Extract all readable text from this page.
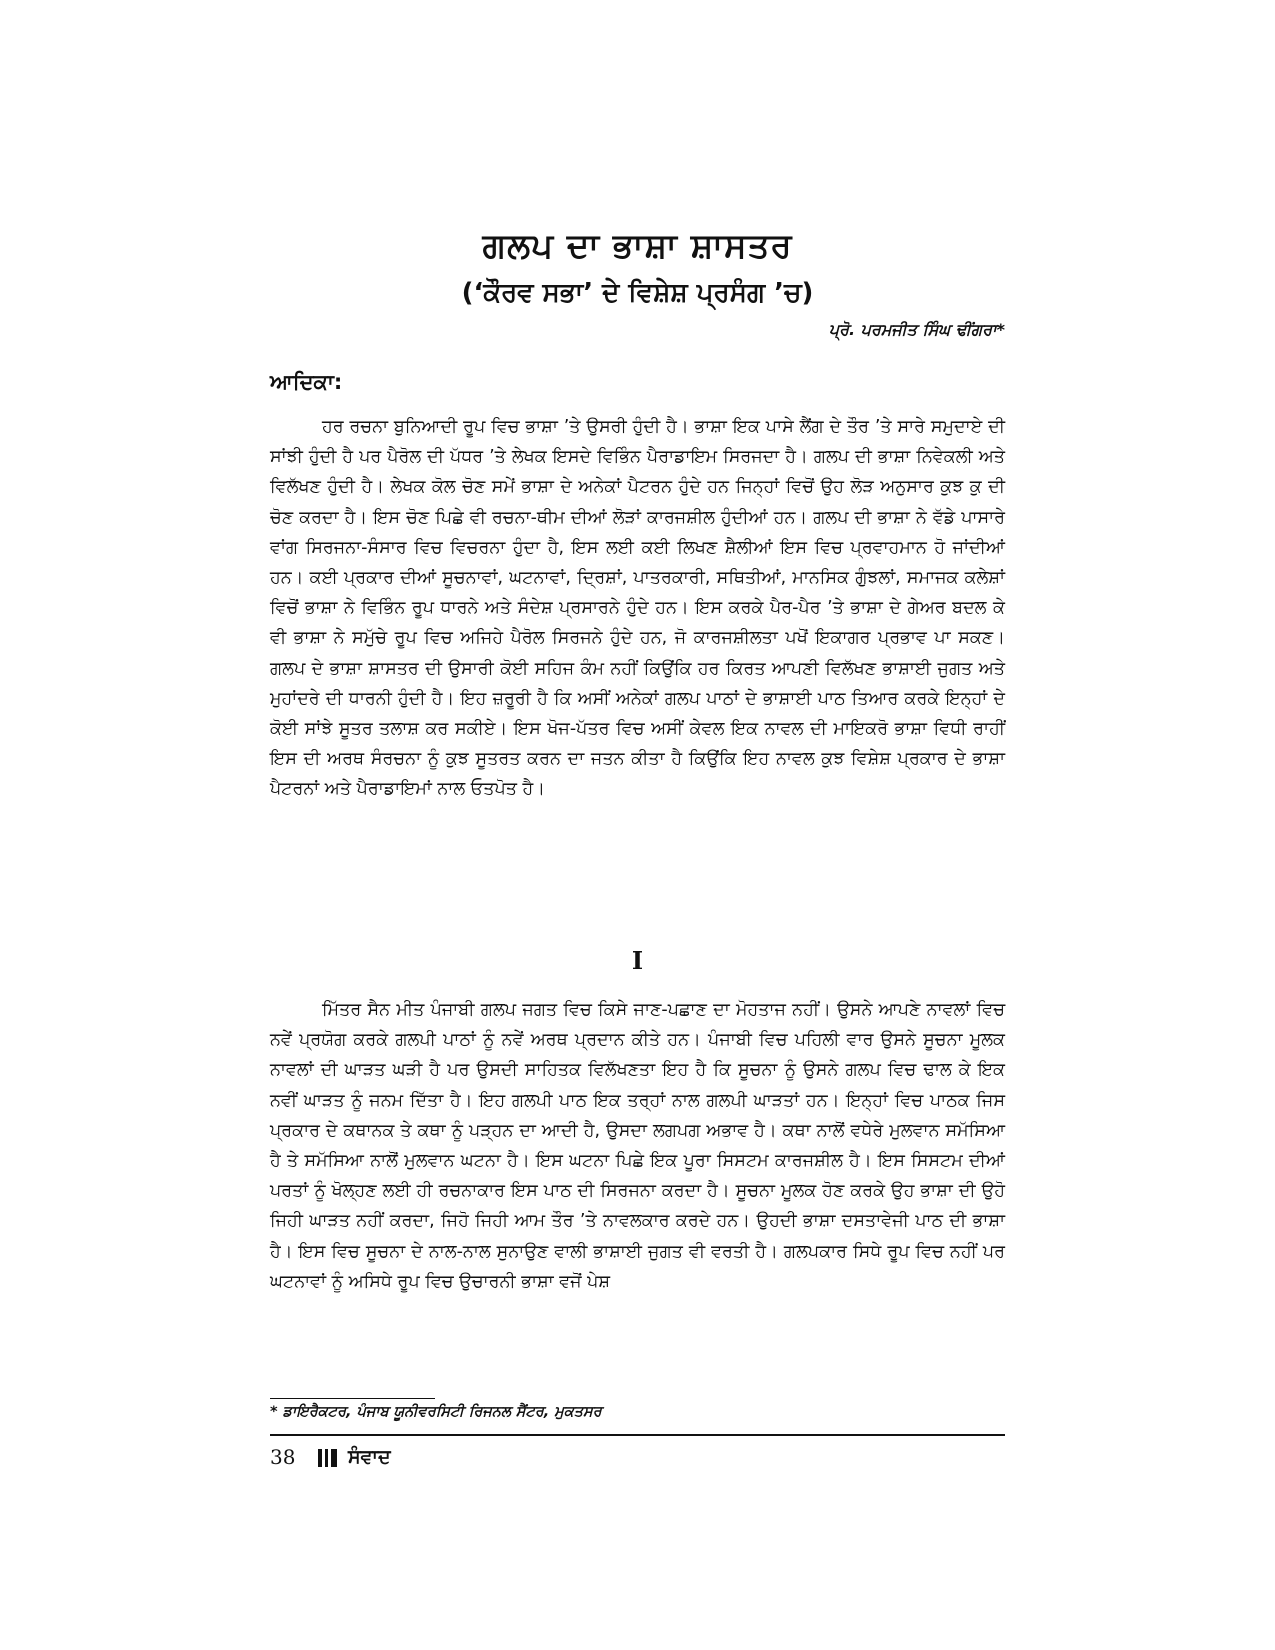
ਗਲਪ ਦਾ ਭਾਸ਼ਾ ਸ਼ਾਸਤਰ
(‘ਕੌਰਵ ਸਭਾ’ ਦੇ ਵਿਸ਼ੇਸ਼ ਪ੍ਰਸੰਗ ’ਚ)
ਪ੍ਰੋ. ਪਰਮਜੀਤ ਸਿੰਘ ਢੀਂਗਰਾ*
ਆਦਿਕਾ:

ਹਰ ਰਚਨਾ ਬੁਨਿਆਦੀ ਰੂਪ ਵਿਚ ਭਾਸ਼ਾ ’ਤੇ ਉਸਰੀ ਹੁੰਦੀ ਹੈ। ਭਾਸ਼ਾ ਇਕ ਪਾਸੇ ਲੈਂਗ ਦੇ ਤੌਰ ’ਤੇ ਸਾਰੇ ਸਮੁਦਾਏ ਦੀ ਸਾਂਝੀ ਹੁੰਦੀ ਹੈ ਪਰ ਪੈਰੋਲ ਦੀ ਪੱਧਰ ’ਤੇ ਲੇਖਕ ਇਸਦੇ ਵਿਭਿੰਨ ਪੈਰਾਡਾਇਮ ਸਿਰਜਦਾ ਹੈ। ਗਲਪ ਦੀ ਭਾਸ਼ਾ ਨਿਵੇਕਲੀ ਅਤੇ ਵਿਲੱਖਣ ਹੁੰਦੀ ਹੈ। ਲੇਖਕ ਕੋਲ ਚੋਣ ਸਮੇਂ ਭਾਸ਼ਾ ਦੇ ਅਨੇਕਾਂ ਪੈਟਰਨ ਹੁੰਦੇ ਹਨ ਜਿਨ੍ਹਾਂ ਵਿਚੋਂ ਉਹ ਲੋੜ ਅਨੁਸਾਰ ਕੁਝ ਕੁ ਦੀ ਚੋਣ ਕਰਦਾ ਹੈ। ਇਸ ਚੋਣ ਪਿਛੇ ਵੀ ਰਚਨਾ-ਥੀਮ ਦੀਆਂ ਲੋੜਾਂ ਕਾਰਜਸ਼ੀਲ ਹੁੰਦੀਆਂ ਹਨ। ਗਲਪ ਦੀ ਭਾਸ਼ਾ ਨੇ ਵੱਡੇ ਪਾਸਾਰੇ ਵਾਂਗ ਸਿਰਜਨਾ-ਸੰਸਾਰ ਵਿਚ ਵਿਚਰਨਾ ਹੁੰਦਾ ਹੈ, ਇਸ ਲਈ ਕਈ ਲਿਖਣ ਸ਼ੈਲੀਆਂ ਇਸ ਵਿਚ ਪ੍ਰਵਾਹਮਾਨ ਹੋ ਜਾਂਦੀਆਂ ਹਨ। ਕਈ ਪ੍ਰਕਾਰ ਦੀਆਂ ਸੂਚਨਾਵਾਂ, ਘਟਨਾਵਾਂ, ਦ੍ਰਿਸ਼ਾਂ, ਪਾਤਰਕਾਰੀ, ਸਥਿਤੀਆਂ, ਮਾਨਸਿਕ ਗੁੰਝਲਾਂ, ਸਮਾਜਕ ਕਲੇਸ਼ਾਂ ਵਿਚੋਂ ਭਾਸ਼ਾ ਨੇ ਵਿਭਿੰਨ ਰੂਪ ਧਾਰਨੇ ਅਤੇ ਸੰਦੇਸ਼ ਪ੍ਰਸਾਰਨੇ ਹੁੰਦੇ ਹਨ। ਇਸ ਕਰਕੇ ਪੈਰ-ਪੈਰ ’ਤੇ ਭਾਸ਼ਾ ਦੇ ਗੇਅਰ ਬਦਲ ਕੇ ਵੀ ਭਾਸ਼ਾ ਨੇ ਸਮੁੱਚੇ ਰੂਪ ਵਿਚ ਅਜਿਹੇ ਪੈਰੋਲ ਸਿਰਜਨੇ ਹੁੰਦੇ ਹਨ, ਜੋ ਕਾਰਜਸ਼ੀਲਤਾ ਪਖੋਂ ਇਕਾਗਰ ਪ੍ਰਭਾਵ ਪਾ ਸਕਣ। ਗਲਪ ਦੇ ਭਾਸ਼ਾ ਸ਼ਾਸਤਰ ਦੀ ਉਸਾਰੀ ਕੋਈ ਸਹਿਜ ਕੰਮ ਨਹੀਂ ਕਿਉਂਕਿ ਹਰ ਕਿਰਤ ਆਪਣੀ ਵਿਲੱਖਣ ਭਾਸ਼ਾਈ ਜੁਗਤ ਅਤੇ ਮੁਹਾਂਦਰੇ ਦੀ ਧਾਰਨੀ ਹੁੰਦੀ ਹੈ। ਇਹ ਜ਼ਰੂਰੀ ਹੈ ਕਿ ਅਸੀਂ ਅਨੇਕਾਂ ਗਲਪ ਪਾਠਾਂ ਦੇ ਭਾਸ਼ਾਈ ਪਾਠ ਤਿਆਰ ਕਰਕੇ ਇਨ੍ਹਾਂ ਦੇ ਕੋਈ ਸਾਂਝੇ ਸੂਤਰ ਤਲਾਸ਼ ਕਰ ਸਕੀਏ। ਇਸ ਖੋਜ-ਪੱਤਰ ਵਿਚ ਅਸੀਂ ਕੇਵਲ ਇਕ ਨਾਵਲ ਦੀ ਮਾਇਕਰੋ ਭਾਸ਼ਾ ਵਿਧੀ ਰਾਹੀਂ ਇਸ ਦੀ ਅਰਥ ਸੰਰਚਨਾ ਨੂੰ ਕੁਝ ਸੂਤਰਤ ਕਰਨ ਦਾ ਜਤਨ ਕੀਤਾ ਹੈ ਕਿਉਂਕਿ ਇਹ ਨਾਵਲ ਕੁਝ ਵਿਸ਼ੇਸ਼ ਪ੍ਰਕਾਰ ਦੇ ਭਾਸ਼ਾ ਪੈਟਰਨਾਂ ਅਤੇ ਪੈਰਾਡਾਇਮਾਂ ਨਾਲ ਓਤਪੋਤ ਹੈ।

I

ਮਿੱਤਰ ਸੈਨ ਮੀਤ ਪੰਜਾਬੀ ਗਲਪ ਜਗਤ ਵਿਚ ਕਿਸੇ ਜਾਣ-ਪਛਾਣ ਦਾ ਮੋਹਤਾਜ ਨਹੀਂ। ਉਸਨੇ ਆਪਣੇ ਨਾਵਲਾਂ ਵਿਚ ਨਵੇਂ ਪ੍ਰਯੋਗ ਕਰਕੇ ਗਲਪੀ ਪਾਠਾਂ ਨੂੰ ਨਵੇਂ ਅਰਥ ਪ੍ਰਦਾਨ ਕੀਤੇ ਹਨ। ਪੰਜਾਬੀ ਵਿਚ ਪਹਿਲੀ ਵਾਰ ਉਸਨੇ ਸੂਚਨਾ ਮੂਲਕ ਨਾਵਲਾਂ ਦੀ ਘਾੜਤ ਘੜੀ ਹੈ ਪਰ ਉਸਦੀ ਸਾਹਿਤਕ ਵਿਲੱਖਣਤਾ ਇਹ ਹੈ ਕਿ ਸੂਚਨਾ ਨੂੰ ਉਸਨੇ ਗਲਪ ਵਿਚ ਢਾਲ ਕੇ ਇਕ ਨਵੀਂ ਘਾੜਤ ਨੂੰ ਜਨਮ ਦਿੱਤਾ ਹੈ। ਇਹ ਗਲਪੀ ਪਾਠ ਇਕ ਤਰ੍ਹਾਂ ਨਾਲ ਗਲਪੀ ਘਾੜਤਾਂ ਹਨ। ਇਨ੍ਹਾਂ ਵਿਚ ਪਾਠਕ ਜਿਸ ਪ੍ਰਕਾਰ ਦੇ ਕਥਾਨਕ ਤੇ ਕਥਾ ਨੂੰ ਪੜ੍ਹਨ ਦਾ ਆਦੀ ਹੈ, ਉਸਦਾ ਲਗਪਗ ਅਭਾਵ ਹੈ। ਕਥਾ ਨਾਲੋਂ ਵਧੇਰੇ ਮੁਲਵਾਨ ਸਮੱਸਿਆ ਹੈ ਤੇ ਸਮੱਸਿਆ ਨਾਲੋਂ ਮੁਲਵਾਨ ਘਟਨਾ ਹੈ। ਇਸ ਘਟਨਾ ਪਿਛੇ ਇਕ ਪੂਰਾ ਸਿਸਟਮ ਕਾਰਜਸ਼ੀਲ ਹੈ। ਇਸ ਸਿਸਟਮ ਦੀਆਂ ਪਰਤਾਂ ਨੂੰ ਖੋਲ੍ਹਣ ਲਈ ਹੀ ਰਚਨਾਕਾਰ ਇਸ ਪਾਠ ਦੀ ਸਿਰਜਨਾ ਕਰਦਾ ਹੈ। ਸੂਚਨਾ ਮੂਲਕ ਹੋਣ ਕਰਕੇ ਉਹ ਭਾਸ਼ਾ ਦੀ ਉਹੋ ਜਿਹੀ ਘਾੜਤ ਨਹੀਂ ਕਰਦਾ, ਜਿਹੋ ਜਿਹੀ ਆਮ ਤੌਰ ’ਤੇ ਨਾਵਲਕਾਰ ਕਰਦੇ ਹਨ। ਉਹਦੀ ਭਾਸ਼ਾ ਦਸਤਾਵੇਜੀ ਪਾਠ ਦੀ ਭਾਸ਼ਾ ਹੈ। ਇਸ ਵਿਚ ਸੂਚਨਾ ਦੇ ਨਾਲ-ਨਾਲ ਸੁਨਾਉਣ ਵਾਲੀ ਭਾਸ਼ਾਈ ਜੁਗਤ ਵੀ ਵਰਤੀ ਹੈ। ਗਲਪਕਾਰ ਸਿਧੇ ਰੂਪ ਵਿਚ ਨਹੀਂ ਪਰ ਘਟਨਾਵਾਂ ਨੂੰ ਅਸਿਧੇ ਰੂਪ ਵਿਚ ਉਚਾਰਨੀ ਭਾਸ਼ਾ ਵਜੋਂ ਪੇਸ਼

* ਡਾਇਰੈਕਟਰ, ਪੰਜਾਬ ਯੂਨੀਵਰਸਿਟੀ ਰਿਜਨਲ ਸੈਂਟਰ, ਮੁਕਤਸਰ
38	ਸੰਵਾਦ
